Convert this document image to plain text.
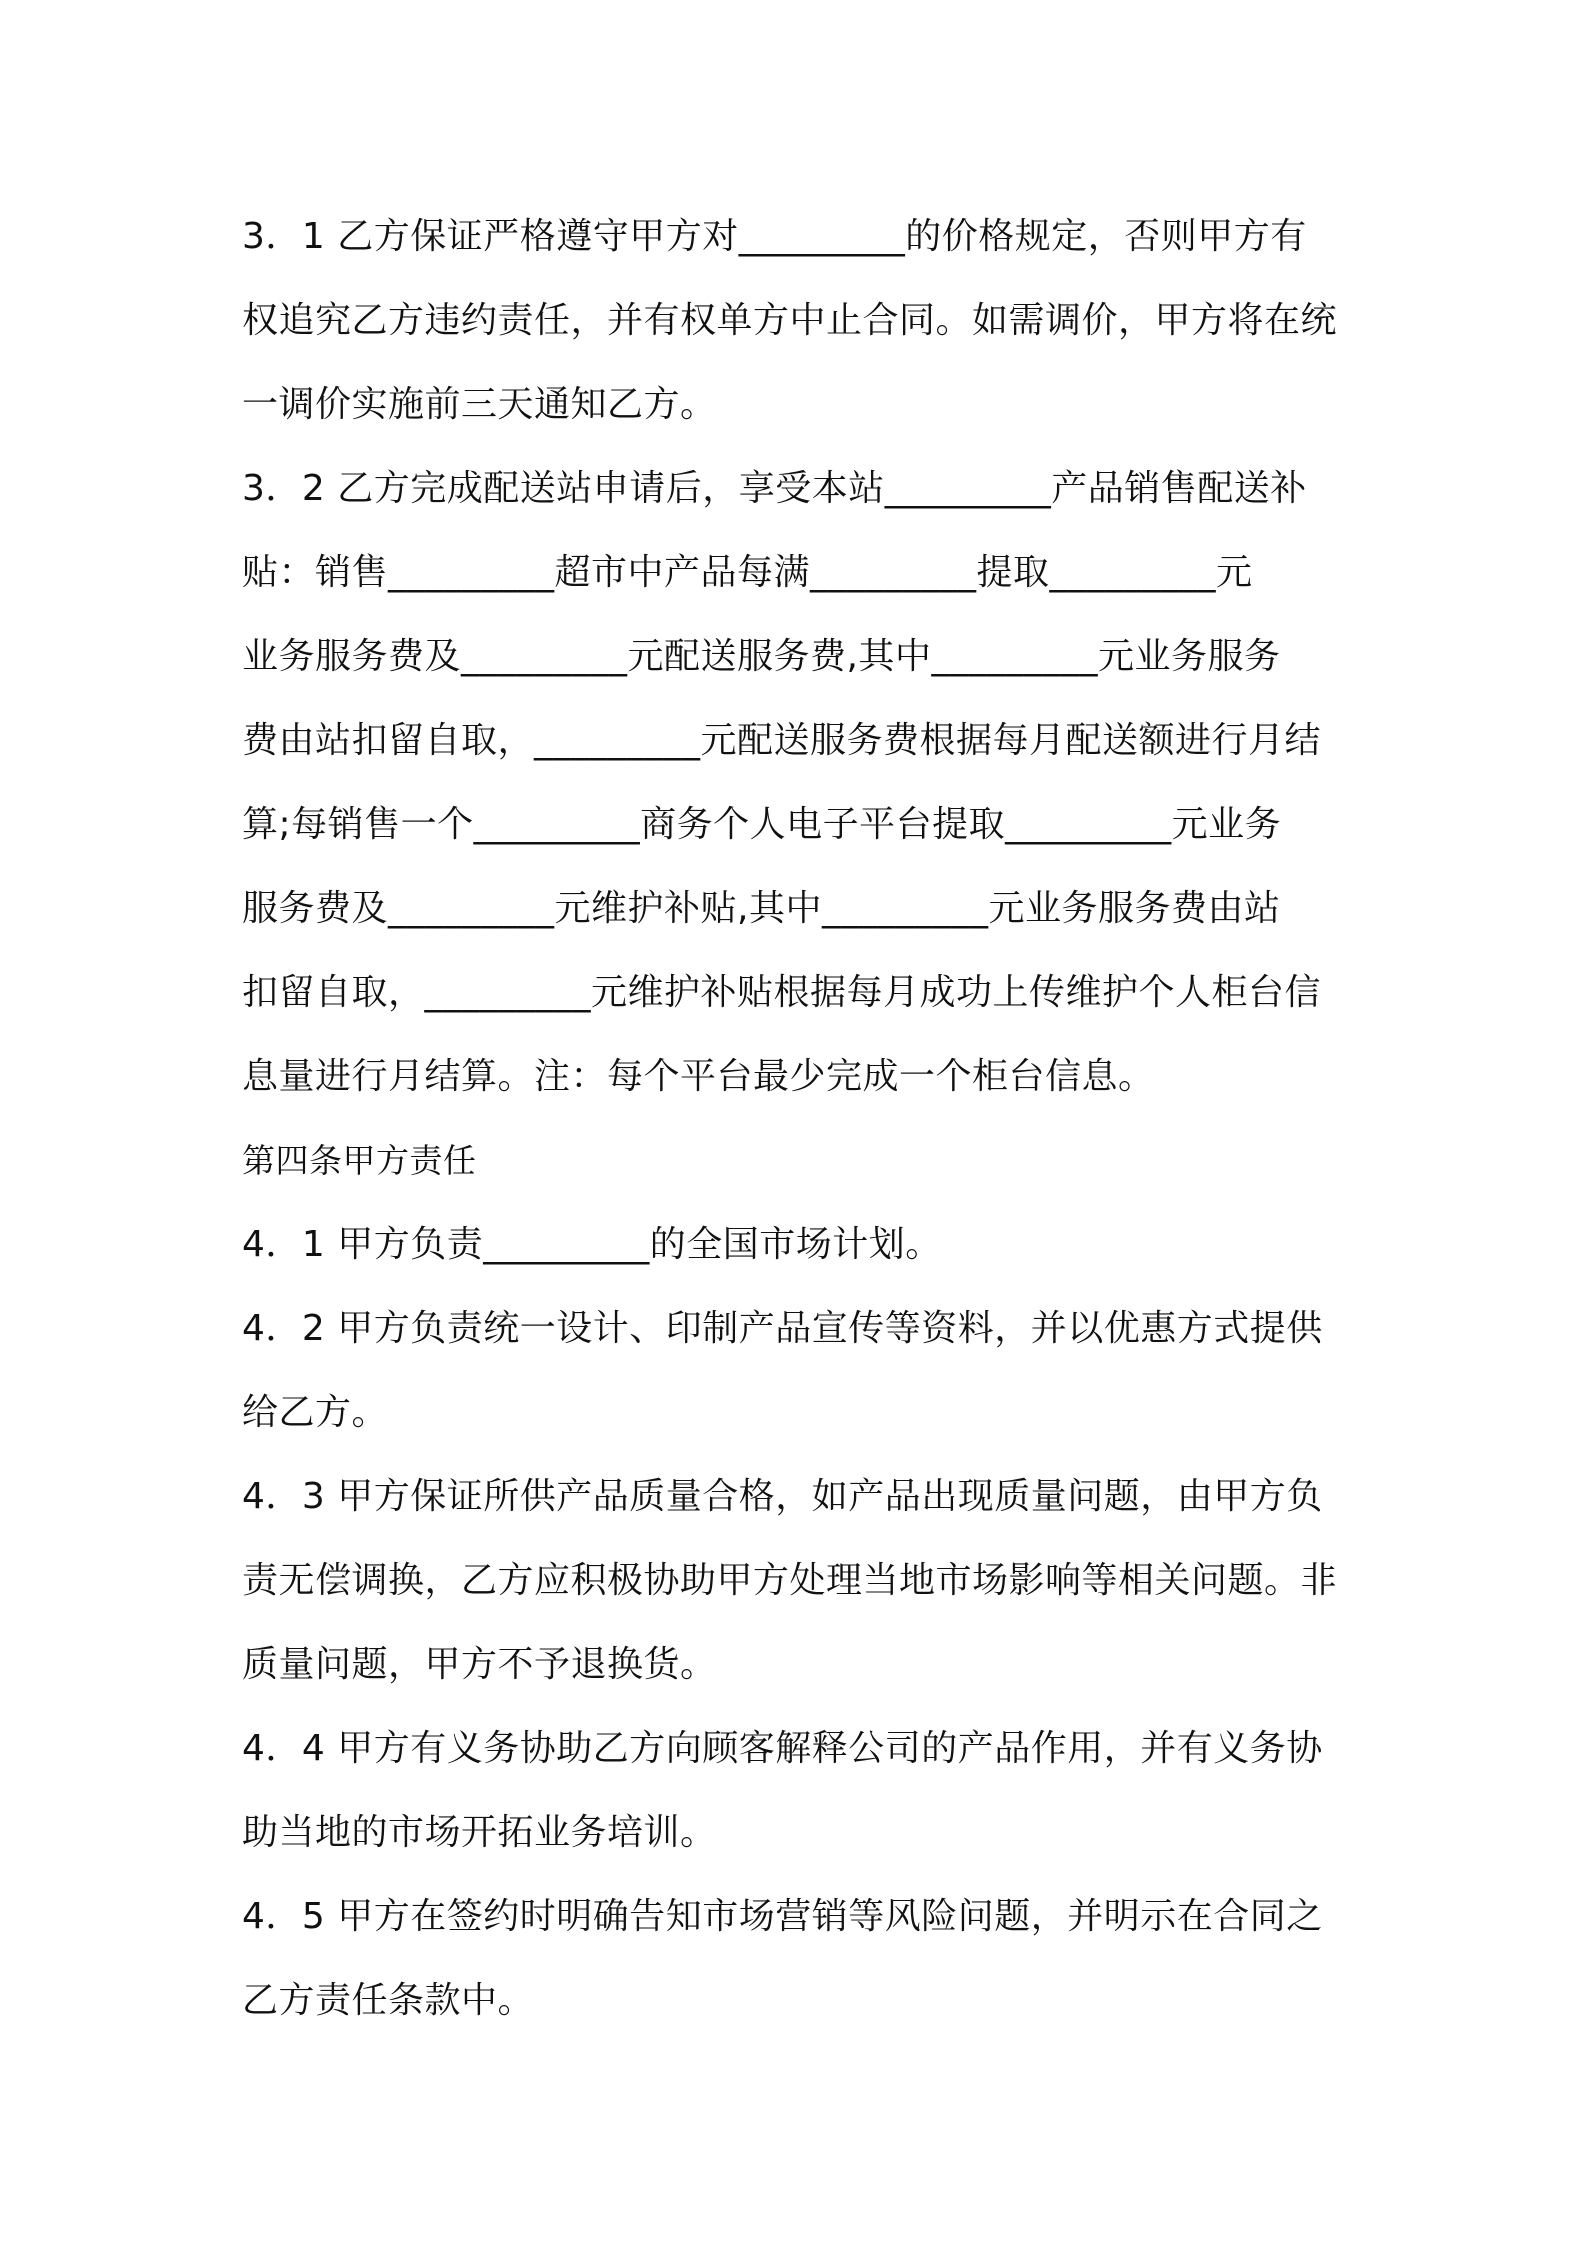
3．1 乙方保证严格遵守甲方对_________的价格规定，否则甲方有
权追究乙方违约责任，并有权单方中止合同。如需调价，甲方将在统
一调价实施前三天通知乙方。
3．2 乙方完成配送站申请后，享受本站_________产品销售配送补
贴：销售_________超市中产品每满_________提取_________元
业务服务费及_________元配送服务费,其中_________元业务服务
费由站扣留自取，_________元配送服务费根据每月配送额进行月结
算;每销售一个_________商务个人电子平台提取_________元业务
服务费及_________元维护补贴,其中_________元业务服务费由站
扣留自取，_________元维护补贴根据每月成功上传维护个人柜台信
息量进行月结算。注：每个平台最少完成一个柜台信息。
第四条甲方责任
4．1 甲方负责_________的全国市场计划。
4．2 甲方负责统一设计、印制产品宣传等资料，并以优惠方式提供
给乙方。
4．3 甲方保证所供产品质量合格，如产品出现质量问题，由甲方负
责无偿调换，乙方应积极协助甲方处理当地市场影响等相关问题。非
质量问题，甲方不予退换货。
4．4 甲方有义务协助乙方向顾客解释公司的产品作用，并有义务协
助当地的市场开拓业务培训。
4．5 甲方在签约时明确告知市场营销等风险问题，并明示在合同之
乙方责任条款中。
